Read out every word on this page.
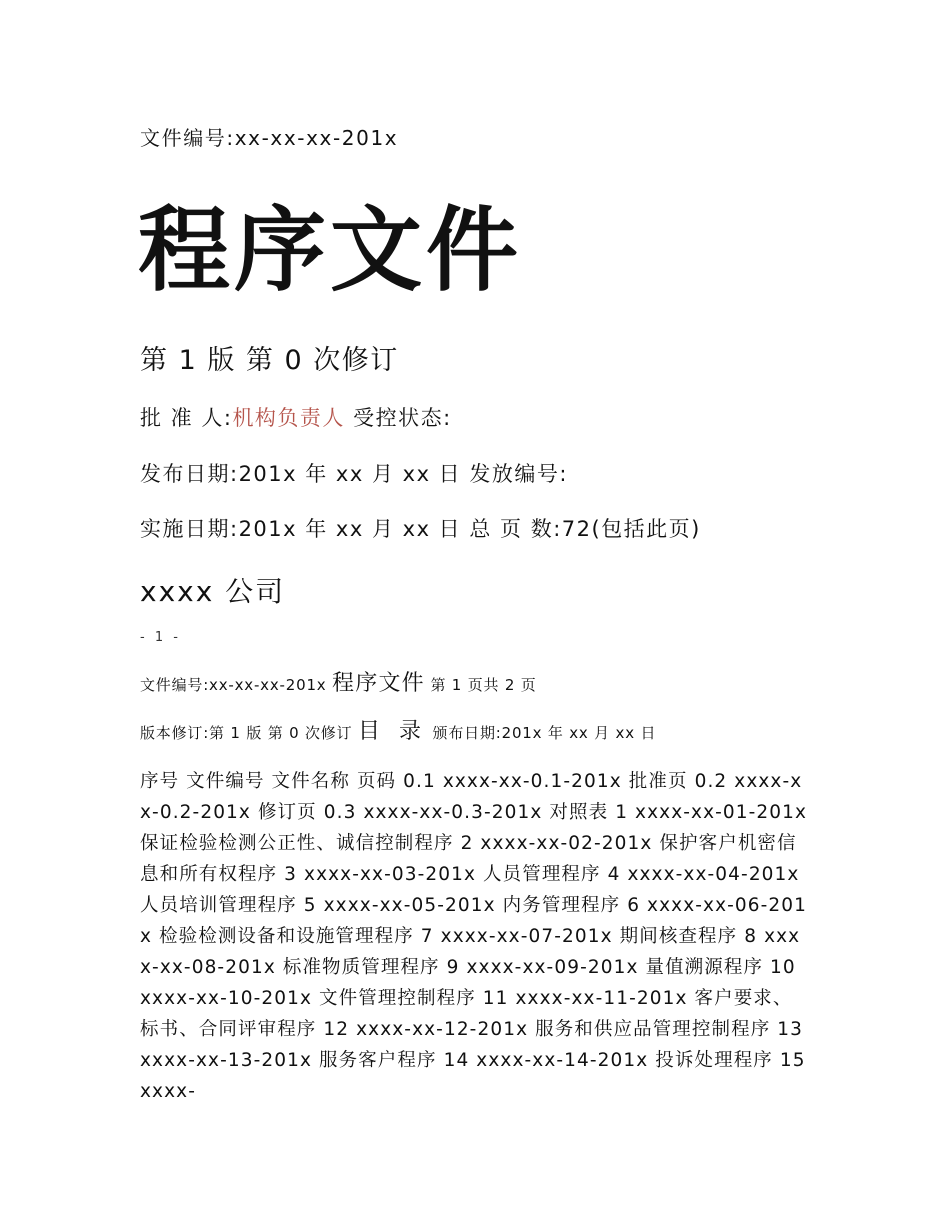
文件编号:xx-xx-xx-201x
程序文件
第 1 版 第 0 次修订
批 准 人:机构负责人 受控状态:
发布日期:201x 年 xx 月 xx 日 发放编号:
实施日期:201x 年 xx 月 xx 日 总 页 数:72(包括此页)
xxxx 公司
- 1 -
文件编号:xx-xx-xx-201x 程序文件 第 1 页共 2 页
版本修订:第 1 版 第 0 次修订 目 录 颁布日期:201x 年 xx 月 xx 日
序号 文件编号 文件名称 页码 0.1 xxxx-xx-0.1-201x 批准页 0.2 xxxx-xx-0.2-201x 修订页 0.3 xxxx-xx-0.3-201x 对照表 1 xxxx-xx-01-201x 保证检验检测公正性、诚信控制程序 2 xxxx-xx-02-201x 保护客户机密信息和所有权程序 3 xxxx-xx-03-201x 人员管理程序 4 xxxx-xx-04-201x 人员培训管理程序 5 xxxx-xx-05-201x 内务管理程序 6 xxxx-xx-06-201x 检验检测设备和设施管理程序 7 xxxx-xx-07-201x 期间核查程序 8 xxxx-xx-08-201x 标准物质管理程序 9 xxxx-xx-09-201x 量值溯源程序 10 xxxx-xx-10-201x 文件管理控制程序 11 xxxx-xx-11-201x 客户要求、标书、合同评审程序 12 xxxx-xx-12-201x 服务和供应品管理控制程序 13 xxxx-xx-13-201x 服务客户程序 14 xxxx-xx-14-201x 投诉处理程序 15 xxxx-
